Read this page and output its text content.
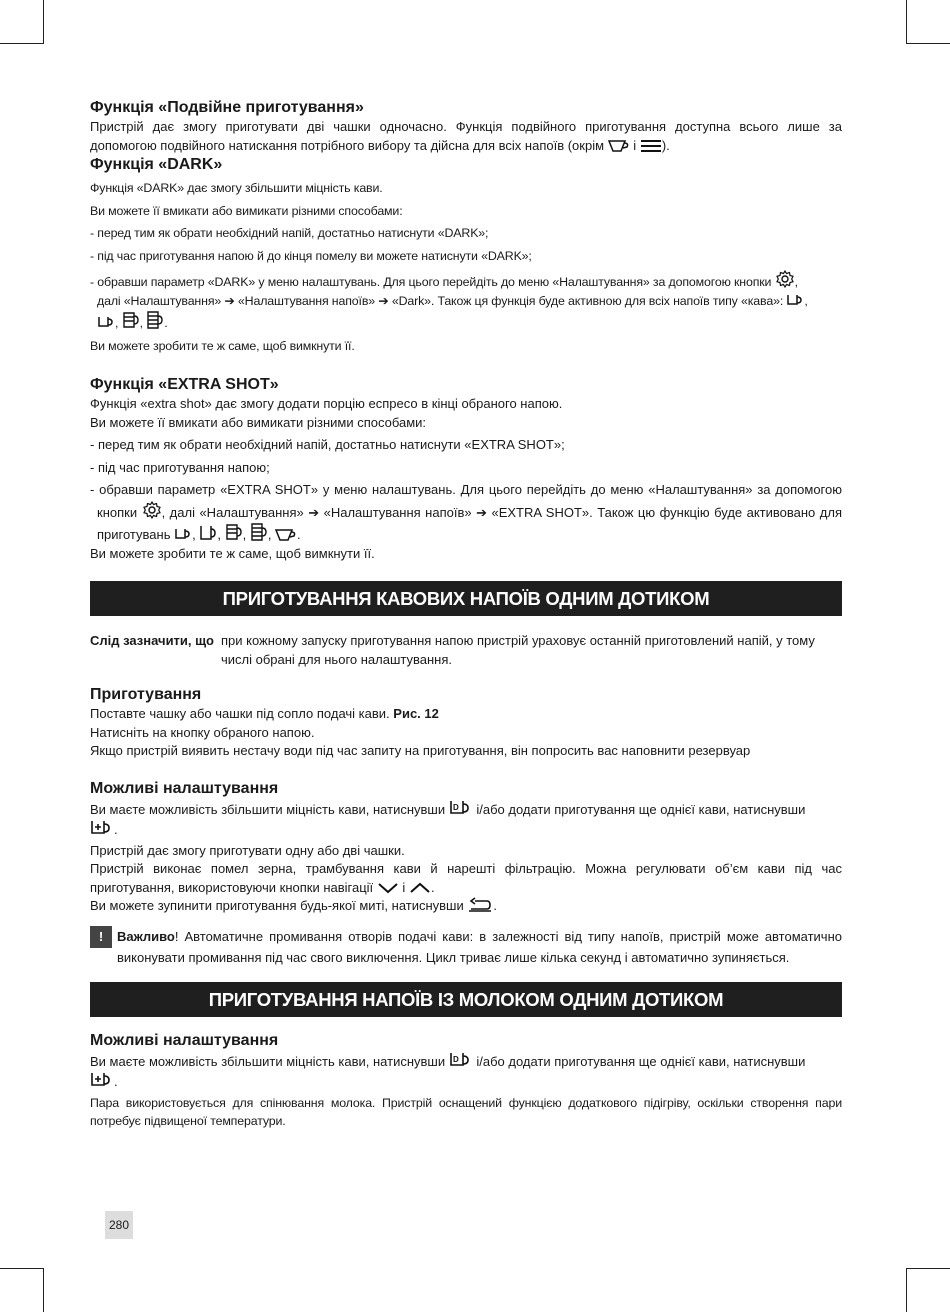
Функція «Подвійне приготування»

Пристрій дає змогу приготувати дві чашки одночасно. Функція подвійного приготування доступна всього лише за допомогою подвійного натискання потрібного вибору та дійсна для всіх напоїв (окрім і ).

Функція «DARK»

Функція «DARK» дає змогу збільшити міцність кави.

Ви можете її вмикати або вимикати різними способами:

- перед тим як обрати необхідний напій, достатньо натиснути «DARK»;

- під час приготування напою й до кінця помелу ви можете натиснути «DARK»;

- обравши параметр «DARK» у меню налаштувань. Для цього перейдіть до меню «Налаштування» за допомогою кнопки ,
далі «Налаштування» ➔ «Налаштування напоїв» ➔ «Dark». Також ця функція буде активною для всіх напоїв типу «кава»: ,
, , .

Ви можете зробити те ж саме, щоб вимкнути її.

Функція «EXTRA SHOT»

Функція «extra shot» дає змогу додати порцію еспресо в кінці обраного напою.

Ви можете її вмикати або вимикати різними способами:

- перед тим як обрати необхідний напій, достатньо натиснути «EXTRA SHOT»;

- під час приготування напою;

- обравши параметр «EXTRA SHOT» у меню налаштувань. Для цього перейдіть до меню «Налаштування» за допомогою кнопки , далі «Налаштування» ➔ «Налаштування напоїв» ➔ «EXTRA SHOT». Також цю функцію буде активовано для приготувань , , , , .

Ви можете зробити те ж саме, щоб вимкнути її.

ПРИГОТУВАННЯ КАВОВИХ НАПОЇВ ОДНИМ ДОТИКОМ
Слід зазначити, що при кожному запуску приготування напою пристрій ураховує останній приготовлений напій, у тому числі обрані для нього налаштування.
Приготування

Поставте чашку або чашки під сопло подачі кави. Рис. 12

Натисніть на кнопку обраного напою.

Якщо пристрій виявить нестачу води під час запиту на приготування, він попросить вас наповнити резервуар

Можливі налаштування

Ви маєте можливість збільшити міцність кави, натиснувши D і/або додати приготування ще однієї кави, натиснувши
.

Пристрій дає змогу приготувати одну або дві чашки.

Пристрій виконає помел зерна, трамбування кави й нарешті фільтрацію. Можна регулювати об’єм кави під час приготування, використовуючи кнопки навігації і .

Ви можете зупинити приготування будь-якої миті, натиснувши .

!	Важливо! Автоматичне промивання отворів подачі кави: в залежності від типу напоїв, пристрій може автоматично виконувати промивання під час свого виключення. Цикл триває лише кілька секунд і автоматично зупиняється.
ПРИГОТУВАННЯ НАПОЇВ ІЗ МОЛОКОМ ОДНИМ ДОТИКОМ
Можливі налаштування

Ви маєте можливість збільшити міцність кави, натиснувши D і/або додати приготування ще однієї кави, натиснувши
.

Пара використовується для спінювання молока. Пристрій оснащений функцією додаткового підігріву, оскільки створення пари потребує підвищеної температури.

280
